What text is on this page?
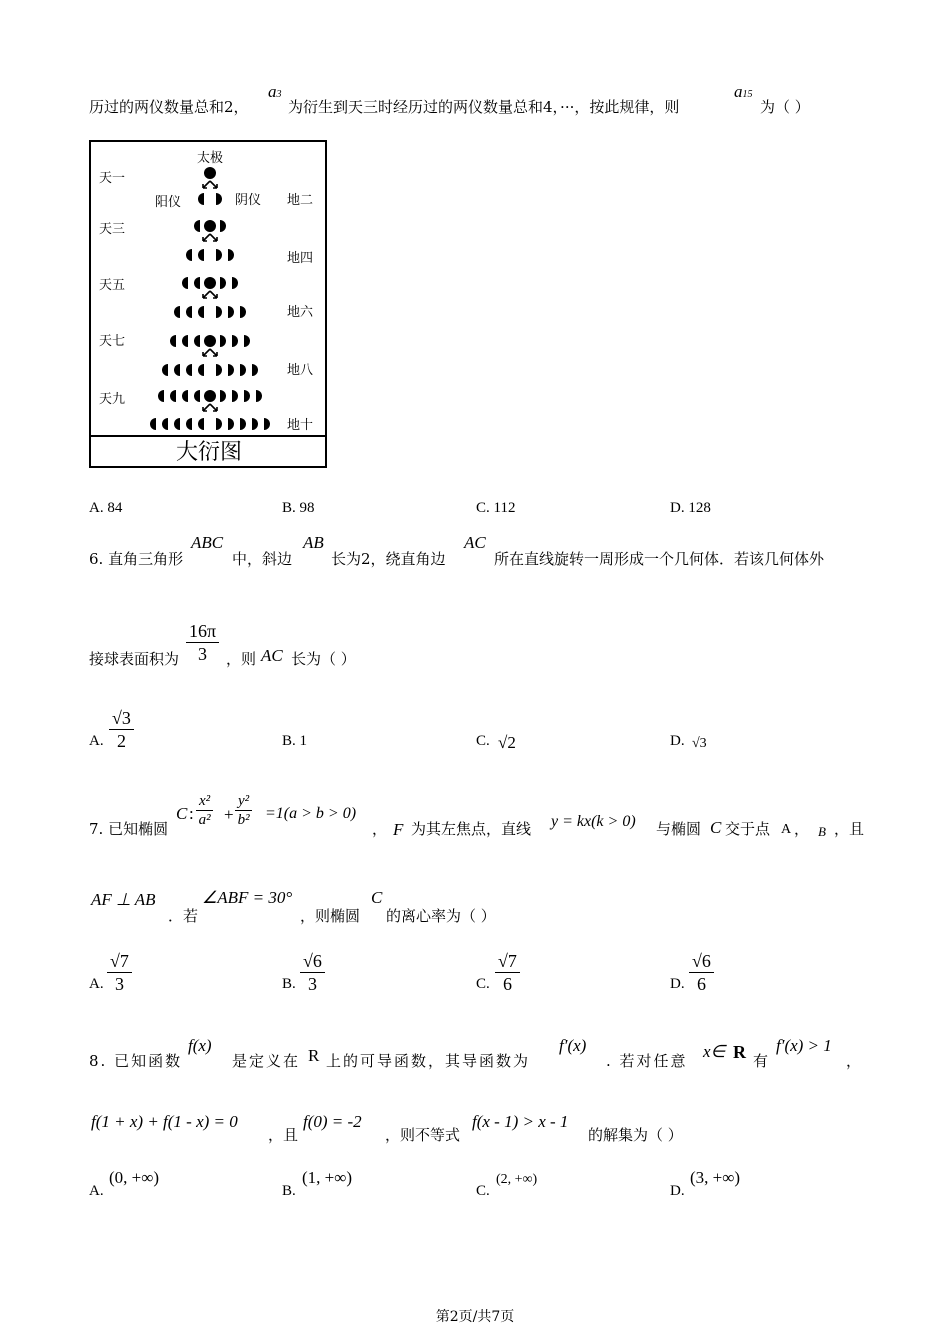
历过的两仪数量总和2，
a3
为衍生到天三时经历过的两仪数量总和4，···，按此规律，则
a15
为（ ）
太极
阳仪	阴仪
天一
天三
天五
天七
天九
地二
地四
地六
地八
地十
大衍图
A. 84	B. 98	C. 112	D. 128
6. 直角三角形
ABC
中，斜边
AB
长为2，绕直角边
AC
所在直线旋转一周形成一个几何体．若该几何体外
接球表面积为 $\frac{16\pi}{3}$ ，则 AC 长为（ ）
A. $\frac{√3}{2}$	B. 1	C. √2	D. √3
7. 已知椭圆
C : $\frac{\text{x²}}{\text{a²}} + \frac{\text{y²}}{\text{b²}} =1(a > b > 0)$
， F 为其左焦点，直线 y = kx(k > 0) 与椭圆 C 交于点 A ， B ，且
AF ⊥ AB
．若
∠ABF = 30°
，则椭圆
C
的离心率为（ ）
A. $\frac{√7}{3}$	B. $\frac{√6}{3}$	C. $\frac{√7}{6}$	D. $\frac{√6}{6}$
8. 已知函数
f(x)
是定义在 R 上的可导函数，其导函数为
f′(x)
. 若对任意 x∈ R 有
f′(x) > 1
，
f(1 + x) + f(1 - x) = 0
，且
f(0) = -2
，则不等式
f(x - 1) > x - 1
的解集为（ ）
A.
(0, +∞)
B.
(1, +∞)
C.
(2, +∞)
D.
(3, +∞)
第2页/共7页
